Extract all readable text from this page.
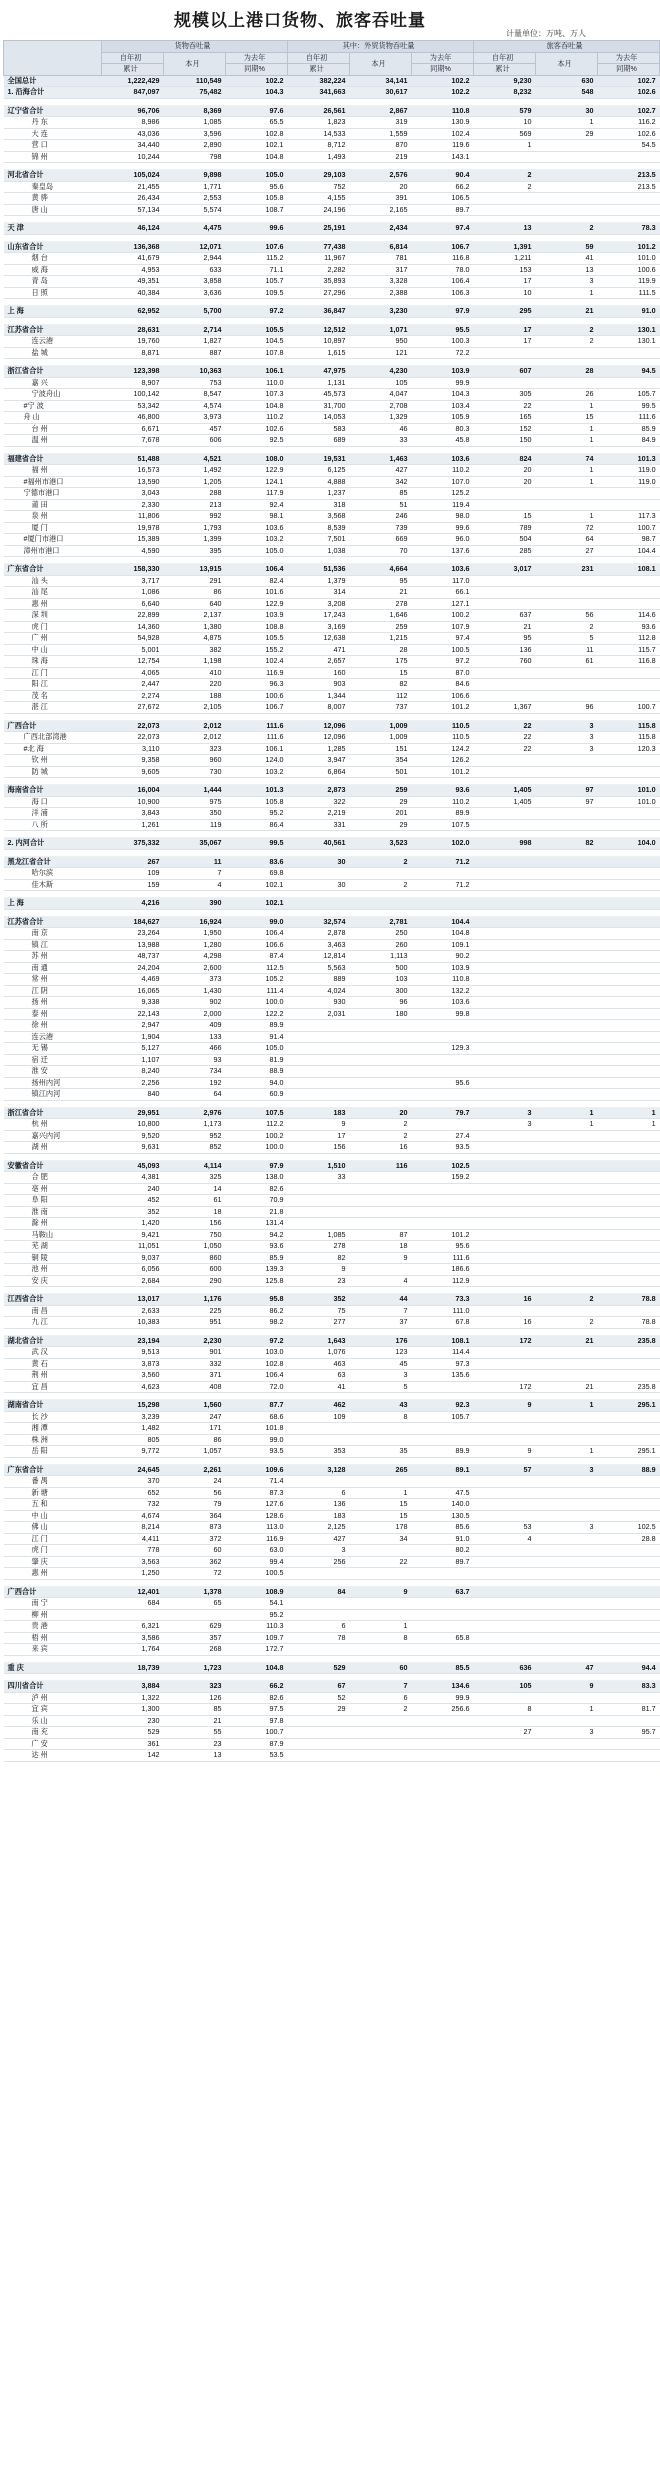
规模以上港口货物、旅客吞吐量
计量单位：万吨、万人
	货物吞吐量			其中：外贸货物吞吐量			旅客吞吐量		
	自年初	本月	为去年	自年初	本月	为去年	自年初	本月	为去年
	累计		同期%	累计		同期%	累计		同期%
全国总计	1,222,429	110,549	102.2	382,224	34,141	102.2	9,230	630	102.7
1. 沿海合计	847,097	75,482	104.3	341,663	30,617	102.2	8,232	548	102.6

辽宁省合计	96,706	8,369	97.6	26,561	2,867	110.8	579	30	102.7
丹 东	8,986	1,085	65.5	1,823	319	130.9	10	1	116.2
大 连	43,036	3,596	102.8	14,533	1,559	102.4	569	29	102.6
营 口	34,440	2,890	102.1	8,712	870	119.6	1		54.5
锦 州	10,244	798	104.8	1,493	219	143.1			

河北省合计	105,024	9,898	105.0	29,103	2,576	90.4	2		213.5
秦皇岛	21,455	1,771	95.6	752	20	66.2	2		213.5
黄 骅	26,434	2,553	105.8	4,155	391	106.5			
唐 山	57,134	5,574	108.7	24,196	2,165	89.7			

天 津	46,124	4,475	99.6	25,191	2,434	97.4	13	2	78.3

山东省合计	136,368	12,071	107.6	77,438	6,814	106.7	1,391	59	101.2
烟 台	41,679	2,944	115.2	11,967	781	116.8	1,211	41	101.0
威 海	4,953	633	71.1	2,282	317	78.0	153	13	100.6
青 岛	49,351	3,858	105.7	35,893	3,328	106.4	17	3	119.9
日 照	40,384	3,636	109.5	27,296	2,388	106.3	10	1	111.5

上 海	62,952	5,700	97.2	36,847	3,230	97.9	295	21	91.0

江苏省合计	28,631	2,714	105.5	12,512	1,071	95.5	17	2	130.1
连云港	19,760	1,827	104.5	10,897	950	100.3	17	2	130.1
盐 城	8,871	887	107.8	1,615	121	72.2			

浙江省合计	123,398	10,363	106.1	47,975	4,230	103.9	607	28	94.5
嘉 兴	8,907	753	110.0	1,131	105	99.9			
宁波舟山	100,142	8,547	107.3	45,573	4,047	104.3	305	26	105.7
#宁 波	53,342	4,574	104.8	31,700	2,708	103.4	22	1	99.5
舟 山	46,800	3,973	110.2	14,053	1,329	105.9	165	15	111.6
台 州	6,671	457	102.6	583	46	80.3	152	1	85.9
温 州	7,678	606	92.5	689	33	45.8	150	1	84.9

福建省合计	51,488	4,521	108.0	19,531	1,463	103.6	824	74	101.3
福 州	16,573	1,492	122.9	6,125	427	110.2	20	1	119.0
#福州市港口	13,590	1,205	124.1	4,888	342	107.0	20	1	119.0
宁德市港口	3,043	288	117.9	1,237	85	125.2			
莆 田	2,330	213	92.4	318	51	119.4			
泉 州	11,806	992	98.1	3,568	246	98.0	15	1	117.3
厦 门	19,978	1,793	103.6	8,539	739	99.6	789	72	100.7
#厦门市港口	15,389	1,399	103.2	7,501	669	96.0	504	64	98.7
漳州市港口	4,590	395	105.0	1,038	70	137.6	285	27	104.4

广东省合计	158,330	13,915	106.4	51,536	4,664	103.6	3,017	231	108.1
汕 头	3,717	291	82.4	1,379	95	117.0			
汕 尾	1,086	86	101.6	314	21	66.1			
惠 州	6,640	640	122.9	3,208	278	127.1			
深 圳	22,899	2,137	103.9	17,243	1,646	100.2	637	56	114.6
虎 门	14,360	1,380	108.8	3,169	259	107.9	21	2	93.6
广 州	54,928	4,875	105.5	12,638	1,215	97.4	95	5	112.8
中 山	5,001	382	155.2	471	28	100.5	136	11	115.7
珠 海	12,754	1,198	102.4	2,657	175	97.2	760	61	116.8
江 门	4,065	410	116.9	160	15	87.0			
阳 江	2,447	220	96.3	903	82	84.6			
茂 名	2,274	188	100.6	1,344	112	106.6			
湛 江	27,672	2,105	106.7	8,007	737	101.2	1,367	96	100.7

广西合计	22,073	2,012	111.6	12,096	1,009	110.5	22	3	115.8
广西北部湾港	22,073	2,012	111.6	12,096	1,009	110.5	22	3	115.8
#北 海	3,110	323	106.1	1,285	151	124.2	22	3	120.3
钦 州	9,358	960	124.0	3,947	354	126.2			
防 城	9,605	730	103.2	6,864	501	101.2			

海南省合计	16,004	1,444	101.3	2,873	259	93.6	1,405	97	101.0
海 口	10,900	975	105.8	322	29	110.2	1,405	97	101.0
洋 浦	3,843	350	95.2	2,219	201	89.9			
八 所	1,261	119	86.4	331	29	107.5			

2. 内河合计	375,332	35,067	99.5	40,561	3,523	102.0	998	82	104.0

黑龙江省合计	267	11	83.6	30	2	71.2			
哈尔滨	109	7	69.8						
佳木斯	159	4	102.1	30	2	71.2			

上 海	4,216	390	102.1						

江苏省合计	184,627	16,924	99.0	32,574	2,781	104.4			
南 京	23,264	1,950	106.4	2,878	250	104.8			
镇 江	13,988	1,280	106.6	3,463	260	109.1			
苏 州	48,737	4,298	87.4	12,814	1,113	90.2			
南 通	24,204	2,600	112.5	5,563	500	103.9			
常 州	4,469	373	105.2	889	103	110.8			
江 阴	16,065	1,430	111.4	4,024	300	132.2			
扬 州	9,338	902	100.0	930	96	103.6			
泰 州	22,143	2,000	122.2	2,031	180	99.8			
徐 州	2,947	409	89.9						
连云港	1,904	133	91.4						
无 锡	5,127	466	105.0			129.3			
宿 迁	1,107	93	81.9						
淮 安	8,240	734	88.9						
扬州内河	2,256	192	94.0			95.6			
镇江内河	840	64	60.9						

浙江省合计	29,951	2,976	107.5	183	20	79.7	3	1	1
杭 州	10,800	1,173	112.2	9	2		3	1	1
嘉兴内河	9,520	952	100.2	17	2	27.4			
湖 州	9,631	852	100.0	156	16	93.5			

安徽省合计	45,093	4,114	97.9	1,510	116	102.5			
合 肥	4,381	325	138.0	33		159.2			
亳 州	240	14	82.6						
阜 阳	452	61	70.9						
淮 南	352	18	21.8						
滁 州	1,420	156	131.4						
马鞍山	9,421	750	94.2	1,085	87	101.2			
芜 湖	11,051	1,050	93.6	278	18	95.6			
铜 陵	9,037	860	85.9	82	9	111.6			
池 州	6,056	600	139.3	9		186.6			
安 庆	2,684	290	125.8	23	4	112.9			

江西省合计	13,017	1,176	95.8	352	44	73.3	16	2	78.8
南 昌	2,633	225	86.2	75	7	111.0			
九 江	10,383	951	98.2	277	37	67.8	16	2	78.8

湖北省合计	23,194	2,230	97.2	1,643	176	108.1	172	21	235.8
武 汉	9,513	901	103.0	1,076	123	114.4			
黄 石	3,873	332	102.8	463	45	97.3			
荆 州	3,560	371	106.4	63	3	135.6			
宜 昌	4,623	408	72.0	41	5		172	21	235.8

湖南省合计	15,298	1,560	87.7	462	43	92.3	9	1	295.1
长 沙	3,239	247	68.6	109	8	105.7			
湘 潭	1,482	171	101.8						
株 洲	805	86	99.0						
岳 阳	9,772	1,057	93.5	353	35	89.9	9	1	295.1

广东省合计	24,645	2,261	109.6	3,128	265	89.1	57	3	88.9
番 禺	370	24	71.4						
新 塘	652	56	87.3	6	1	47.5			
五 和	732	79	127.6	136	15	140.0			
中 山	4,674	364	128.6	183	15	130.5			
佛 山	8,214	873	113.0	2,125	178	85.6	53	3	102.5
江 门	4,411	372	116.9	427	34	91.0	4		28.8
虎 门	778	60	63.0	3		80.2			
肇 庆	3,563	362	99.4	256	22	89.7			
惠 州	1,250	72	100.5						

广西合计	12,401	1,378	108.9	84	9	63.7			
南 宁	684	65	54.1						
柳 州			95.2						
贵 港	6,321	629	110.3	6	1				
梧 州	3,586	357	109.7	78	8	65.8			
来 宾	1,764	268	172.7						

重 庆	18,739	1,723	104.8	529	60	85.5	636	47	94.4

四川省合计	3,884	323	66.2	67	7	134.6	105	9	83.3
泸 州	1,322	126	82.6	52	6	99.9			
宜 宾	1,300	85	97.5	29	2	256.6	8	1	81.7
乐 山	230	21	97.8						
南 充	529	55	100.7				27	3	95.7
广 安	361	23	87.9						
达 州	142	13	53.5						
